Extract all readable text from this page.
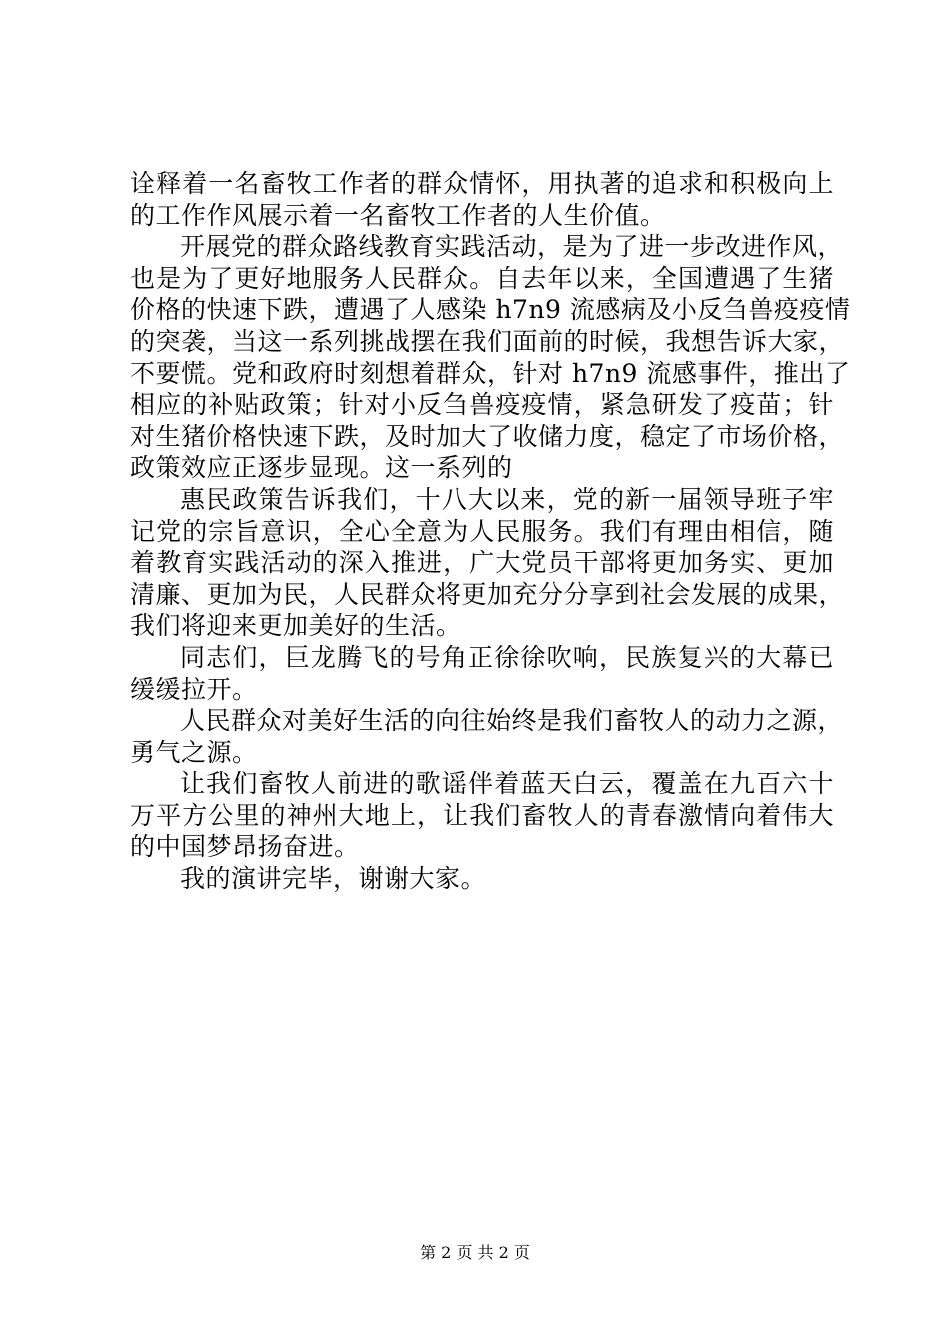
诠释着一名畜牧工作者的群众情怀，用执著的追求和积极向上
的工作作风展示着一名畜牧工作者的人生价值。
开展党的群众路线教育实践活动，是为了进一步改进作风，
也是为了更好地服务人民群众。自去年以来，全国遭遇了生猪
价格的快速下跌，遭遇了人感染 h7n9 流感病及小反刍兽疫疫情
的突袭，当这一系列挑战摆在我们面前的时候，我想告诉大家，
不要慌。党和政府时刻想着群众，针对 h7n9 流感事件，推出了
相应的补贴政策；针对小反刍兽疫疫情，紧急研发了疫苗；针
对生猪价格快速下跌，及时加大了收储力度，稳定了市场价格，
政策效应正逐步显现。这一系列的
惠民政策告诉我们，十八大以来，党的新一届领导班子牢
记党的宗旨意识，全心全意为人民服务。我们有理由相信，随
着教育实践活动的深入推进，广大党员干部将更加务实、更加
清廉、更加为民，人民群众将更加充分分享到社会发展的成果，
我们将迎来更加美好的生活。
同志们，巨龙腾飞的号角正徐徐吹响，民族复兴的大幕已
缓缓拉开。
人民群众对美好生活的向往始终是我们畜牧人的动力之源，
勇气之源。
让我们畜牧人前进的歌谣伴着蓝天白云，覆盖在九百六十
万平方公里的神州大地上，让我们畜牧人的青春激情向着伟大
的中国梦昂扬奋进。
我的演讲完毕，谢谢大家。
第 2 页 共 2 页
